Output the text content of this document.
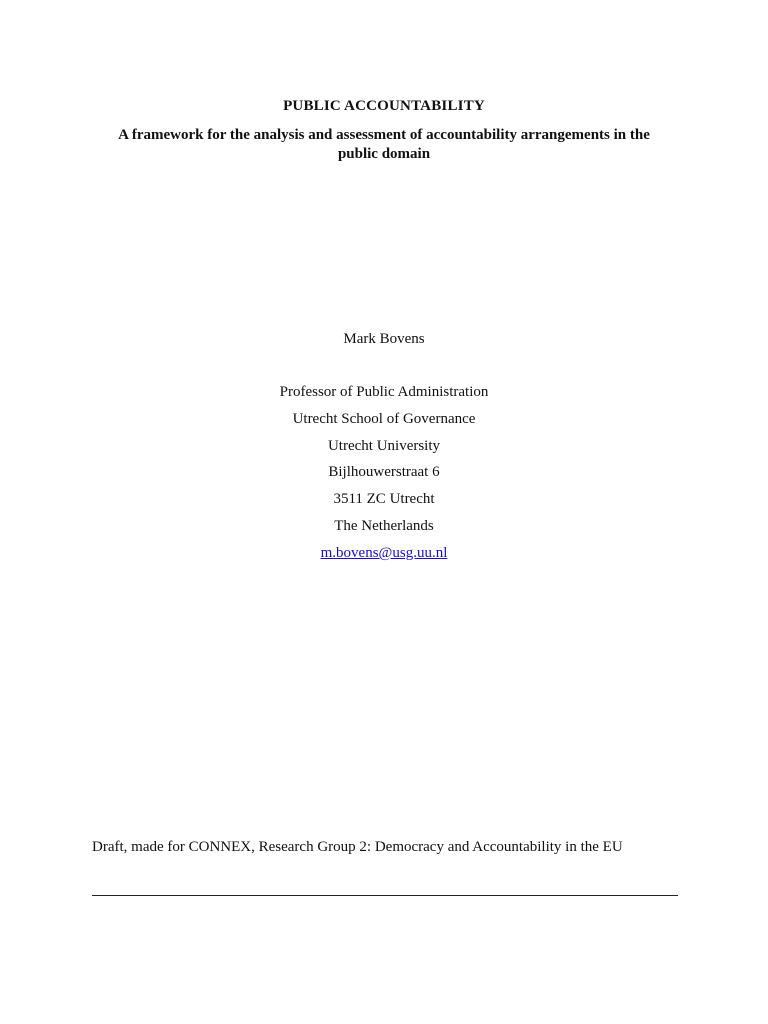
PUBLIC ACCOUNTABILITY
A framework for the analysis and assessment of accountability arrangements in the public domain
Mark Bovens
Professor of Public Administration
Utrecht School of Governance
Utrecht University
Bijlhouwerstraat 6
3511 ZC Utrecht
The Netherlands
m.bovens@usg.uu.nl
Draft, made for CONNEX, Research Group 2: Democracy and Accountability in the EU
